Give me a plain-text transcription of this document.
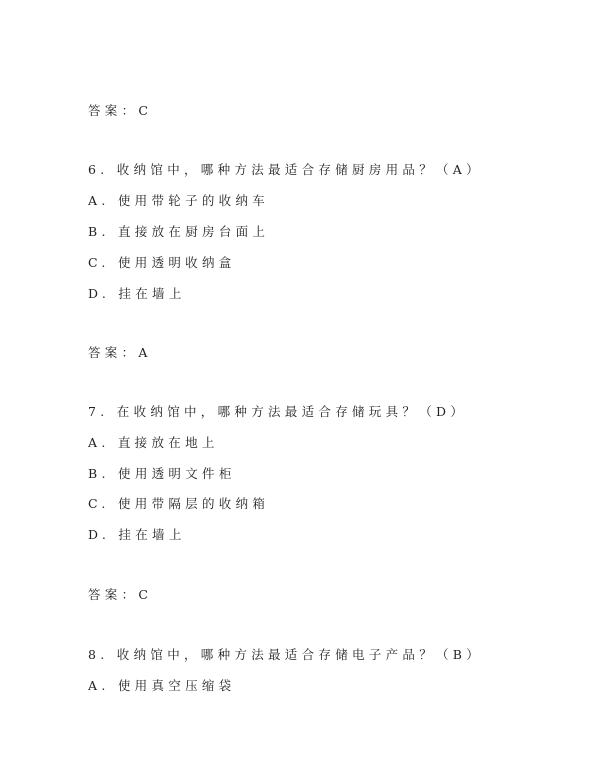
答案：C
6. 收纳馆中，哪种方法最适合存储厨房用品？（A）
A. 使用带轮子的收纳车
B. 直接放在厨房台面上
C. 使用透明收纳盒
D. 挂在墙上
答案：A
7. 在收纳馆中，哪种方法最适合存储玩具？（D）
A. 直接放在地上
B. 使用透明文件柜
C. 使用带隔层的收纳箱
D. 挂在墙上
答案：C
8. 收纳馆中，哪种方法最适合存储电子产品？（B）
A. 使用真空压缩袋
